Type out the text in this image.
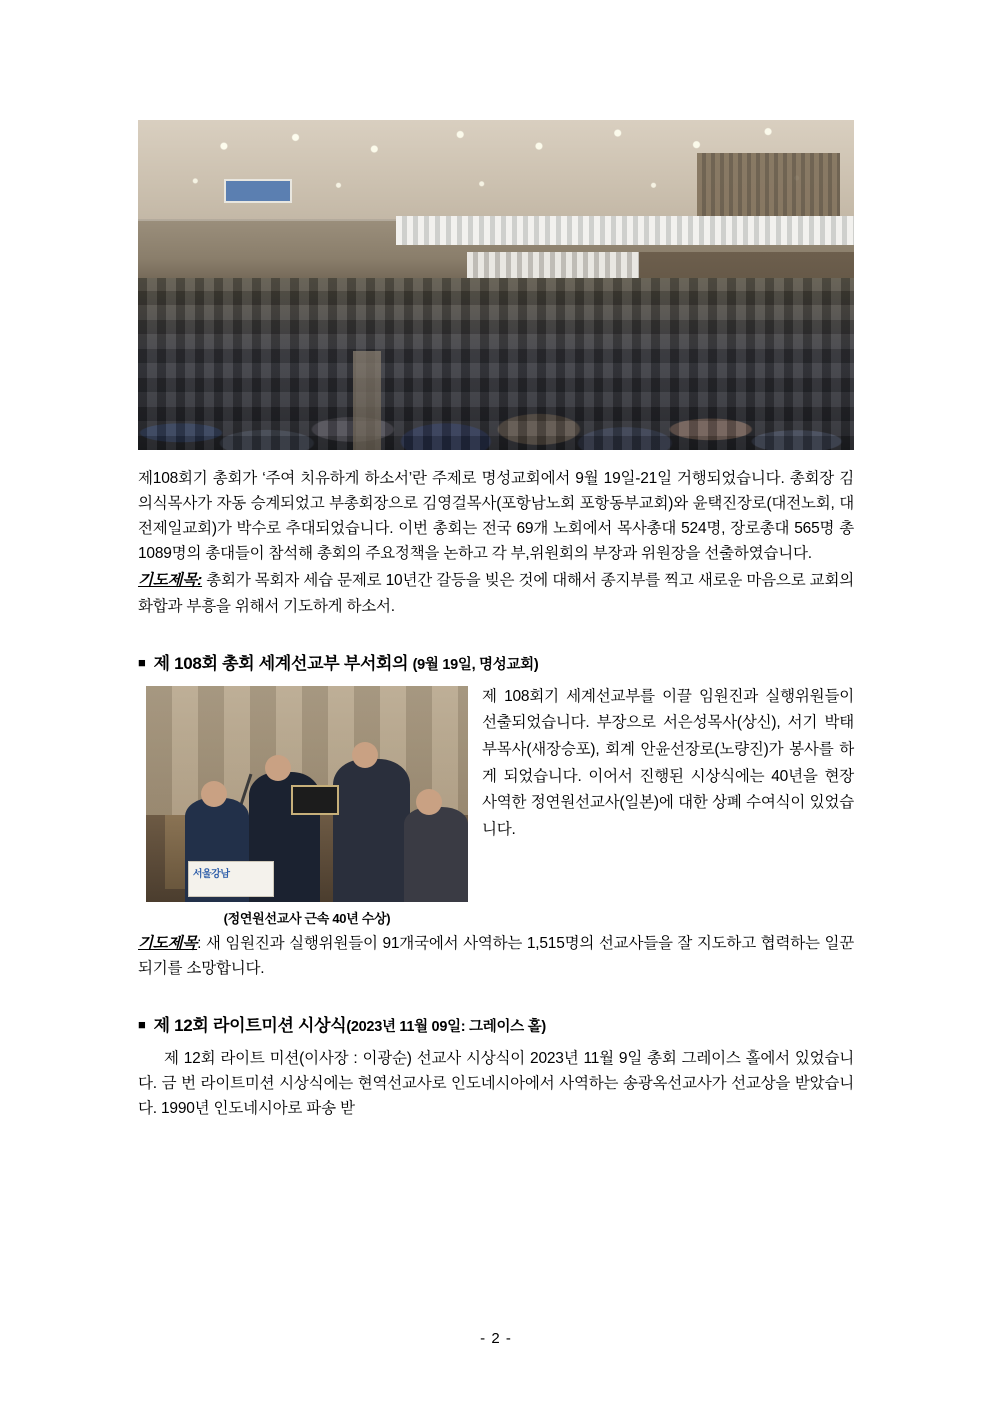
제108회기 총회가 ‘주여 치유하게 하소서’란 주제로 명성교회에서 9월 19일-21일 거행되었습니다. 총회장 김의식목사가 자동 승계되었고 부총회장으로 김영걸목사(포항남노회 포항동부교회)와 윤택진장로(대전노회, 대전제일교회)가 박수로 추대되었습니다. 이번 총회는 전국 69개 노회에서 목사총대 524명, 장로총대 565명 총 1089명의 총대들이 참석해 총회의 주요정책을 논하고 각 부,위원회의 부장과 위원장을 선출하였습니다.

기도제목: 총회가 목회자 세습 문제로 10년간 갈등을 빚은 것에 대해서 종지부를 찍고 새로운 마음으로 교회의 화합과 부흥을 위해서 기도하게 하소서.

■ 제 108회 총회 세계선교부 부서회의 (9월 19일, 명성교회)
서울강남
(정연원선교사 근속 40년 수상)

제 108회기 세계선교부를 이끌 임원진과 실행위원들이 선출되었습니다. 부장으로 서은성목사(상신), 서기 박태부목사(새장승포), 회계 안윤선장로(노량진)가 봉사를 하게 되었습니다. 이어서 진행된 시상식에는 40년을 현장 사역한 정연원선교사(일본)에 대한 상폐 수여식이 있었습니다.

기도제목: 새 임원진과 실행위원들이 91개국에서 사역하는 1,515명의 선교사들을 잘 지도하고 협력하는 일꾼 되기를 소망합니다.

■ 제 12회 라이트미션 시상식(2023년 11월 09일: 그레이스 홀)

제 12회 라이트 미션(이사장 : 이광순) 선교사 시상식이 2023년 11월 9일 총회 그레이스 홀에서 있었습니다. 금 번 라이트미션 시상식에는 현역선교사로 인도네시아에서 사역하는 송광옥선교사가 선교상을 받았습니다. 1990년 인도네시아로 파송 받

- 2 -
